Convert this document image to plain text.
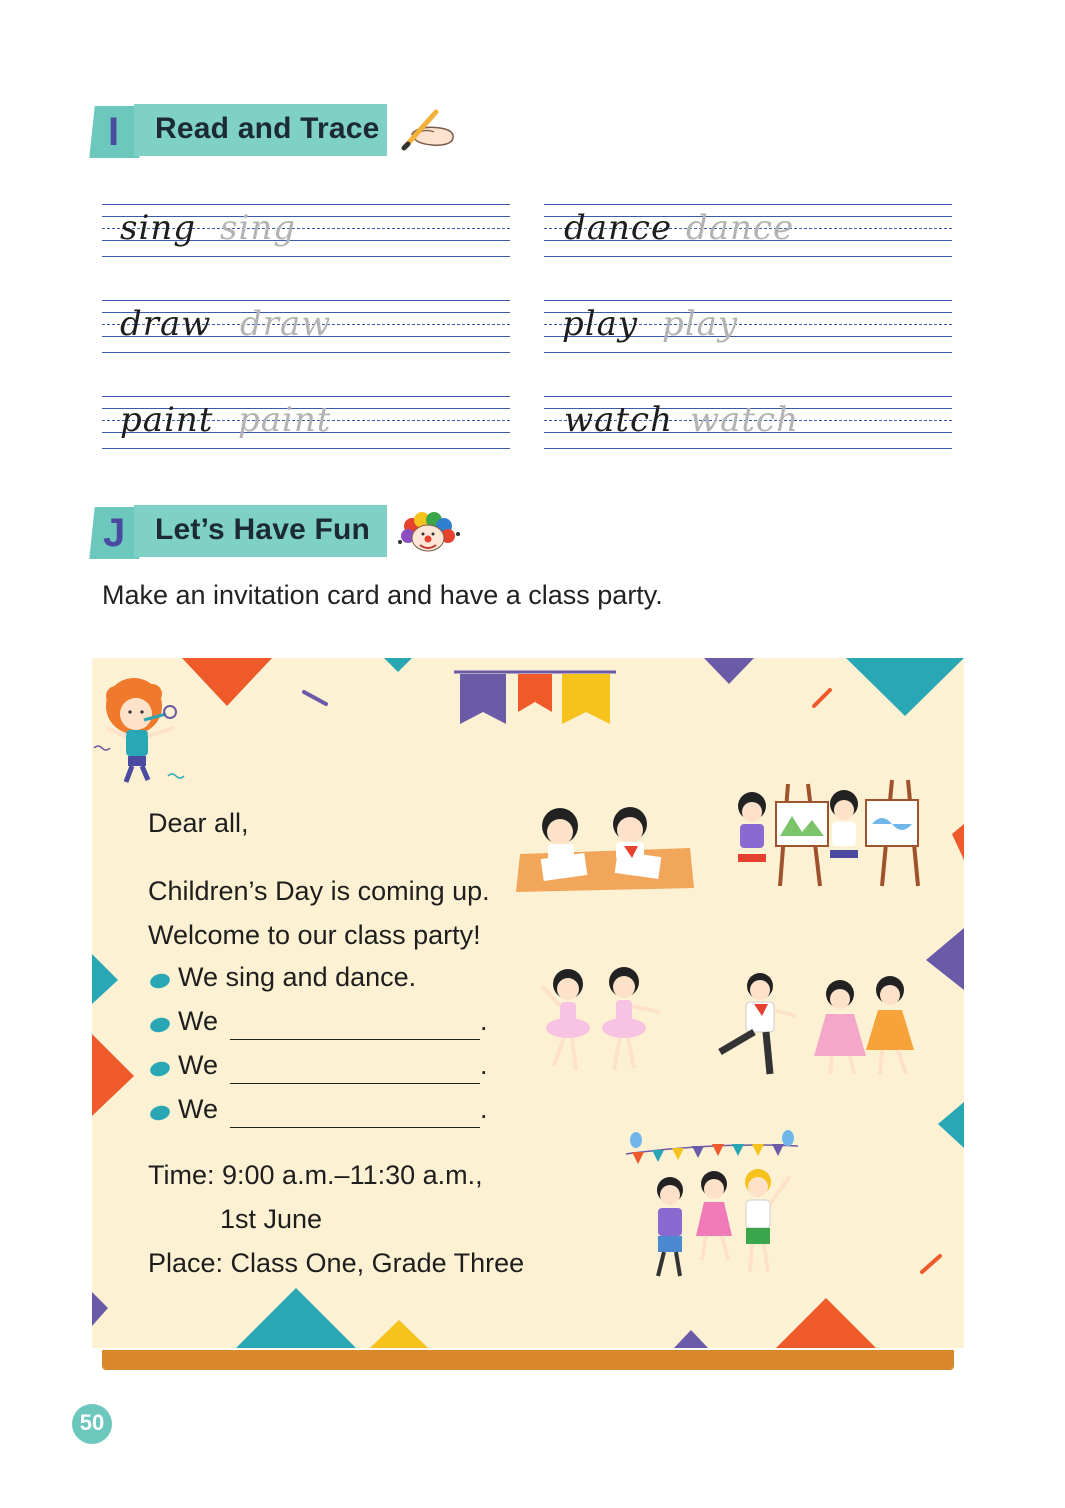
I Read and Trace
sing sing	dance dance
draw draw	play play
paint paint	watch watch
J Let’s Have Fun
Make an invitation card and have a class party.
Dear all,
Children’s Day is coming up.
Welcome to our class party!
We sing and dance.
We	.
We	.
We	.
Time: 9:00 a.m.–11:30 a.m.,
1st June
Place: Class One, Grade Three
50
